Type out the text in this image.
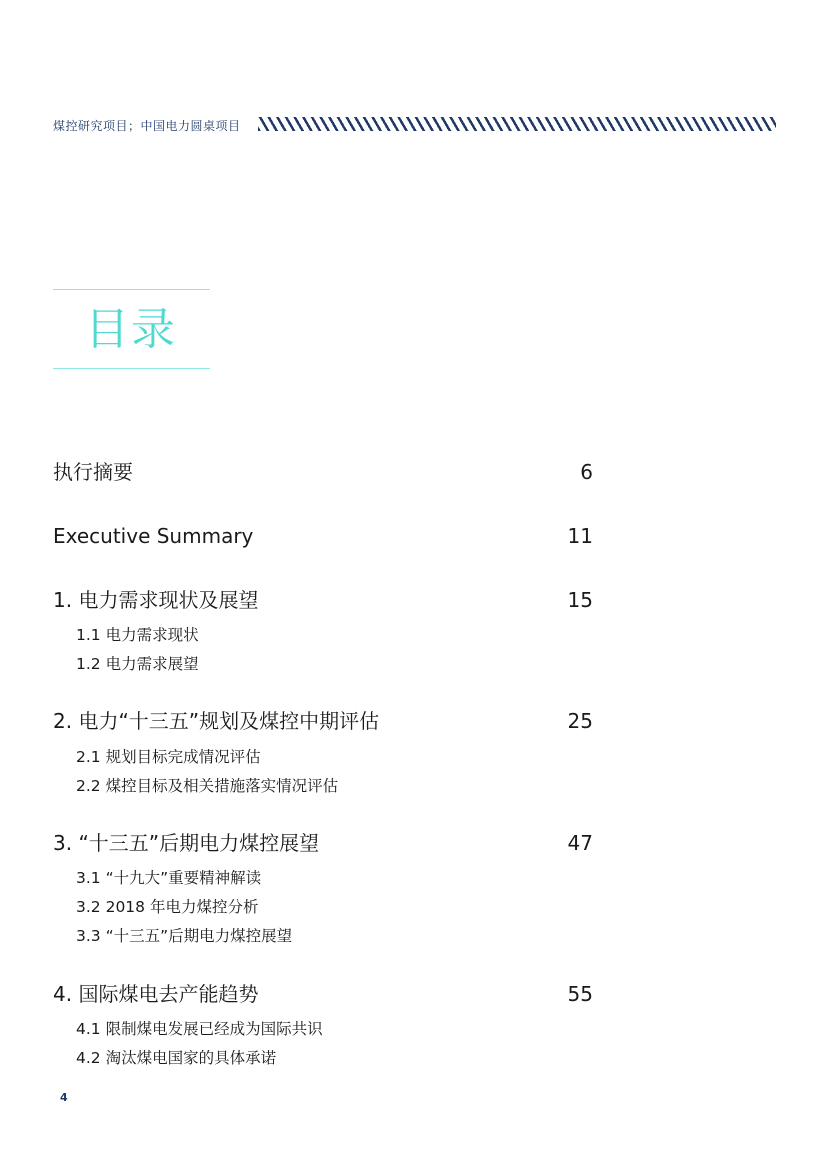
煤控研究项目；中国电力圆桌项目
目录
执行摘要	6
Executive Summary	11
1. 电力需求现状及展望	15
1.1 电力需求现状
1.2 电力需求展望
2. 电力“十三五”规划及煤控中期评估	25
2.1 规划目标完成情况评估
2.2 煤控目标及相关措施落实情况评估
3. “十三五”后期电力煤控展望	47
3.1 “十九大”重要精神解读
3.2 2018 年电力煤控分析
3.3 “十三五”后期电力煤控展望
4. 国际煤电去产能趋势	55
4.1 限制煤电发展已经成为国际共识
4.2 淘汰煤电国家的具体承诺
4
